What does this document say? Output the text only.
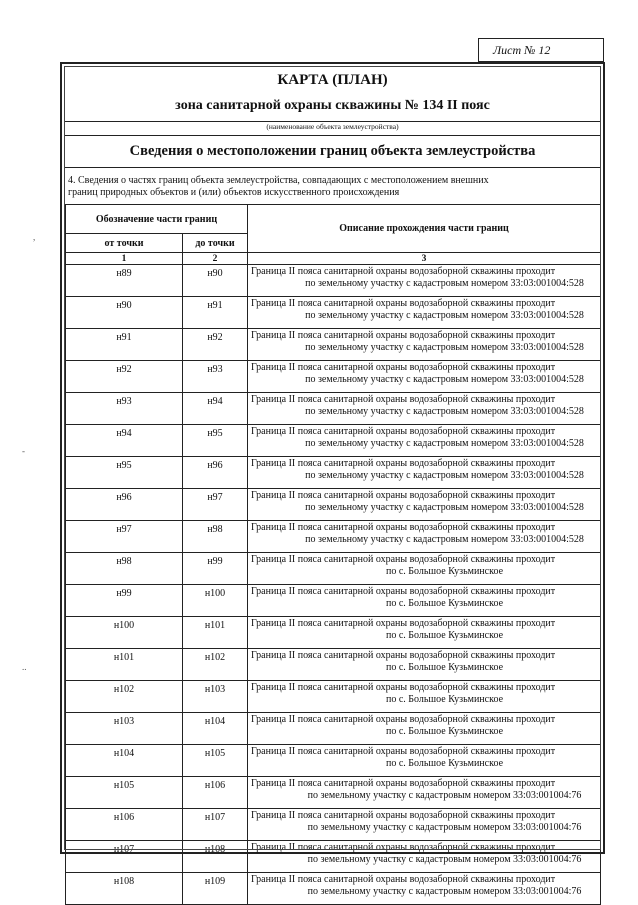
Лист № 12
КАРТА (ПЛАН)
зона санитарной охраны скважины № 134 II пояс
(наименование объекта землеустройства)
Сведения о местоположении границ объекта землеустройства
4. Сведения о частях границ объекта землеустройства, совпадающих с местоположением внешних
границ природных объектов и (или) объектов искусственного происхождения
Обозначение части границ		Описание прохождения части границ
от точки	до точки	
1	2	3
н89	н90	Граница II пояса санитарной охраны водозаборной скважины проходит
по земельному участку с кадастровым номером 33:03:001004:528

н90	н91	Граница II пояса санитарной охраны водозаборной скважины проходит
по земельному участку с кадастровым номером 33:03:001004:528

н91	н92	Граница II пояса санитарной охраны водозаборной скважины проходит
по земельному участку с кадастровым номером 33:03:001004:528

н92	н93	Граница II пояса санитарной охраны водозаборной скважины проходит
по земельному участку с кадастровым номером 33:03:001004:528

н93	н94	Граница II пояса санитарной охраны водозаборной скважины проходит
по земельному участку с кадастровым номером 33:03:001004:528

н94	н95	Граница II пояса санитарной охраны водозаборной скважины проходит
по земельному участку с кадастровым номером 33:03:001004:528

н95	н96	Граница II пояса санитарной охраны водозаборной скважины проходит
по земельному участку с кадастровым номером 33:03:001004:528

н96	н97	Граница II пояса санитарной охраны водозаборной скважины проходит
по земельному участку с кадастровым номером 33:03:001004:528

н97	н98	Граница II пояса санитарной охраны водозаборной скважины проходит
по земельному участку с кадастровым номером 33:03:001004:528

н98	н99	Граница II пояса санитарной охраны водозаборной скважины проходит
по с. Большое Кузьминское

н99	н100	Граница II пояса санитарной охраны водозаборной скважины проходит
по с. Большое Кузьминское

н100	н101	Граница II пояса санитарной охраны водозаборной скважины проходит
по с. Большое Кузьминское

н101	н102	Граница II пояса санитарной охраны водозаборной скважины проходит
по с. Большое Кузьминское

н102	н103	Граница II пояса санитарной охраны водозаборной скважины проходит
по с. Большое Кузьминское

н103	н104	Граница II пояса санитарной охраны водозаборной скважины проходит
по с. Большое Кузьминское

н104	н105	Граница II пояса санитарной охраны водозаборной скважины проходит
по с. Большое Кузьминское

н105	н106	Граница II пояса санитарной охраны водозаборной скважины проходит
по земельному участку с кадастровым номером 33:03:001004:76

н106	н107	Граница II пояса санитарной охраны водозаборной скважины проходит
по земельному участку с кадастровым номером 33:03:001004:76

н107	н108	Граница II пояса санитарной охраны водозаборной скважины проходит
по земельному участку с кадастровым номером 33:03:001004:76

н108	н109	Граница II пояса санитарной охраны водозаборной скважины проходит
по земельному участку с кадастровым номером 33:03:001004:76
,
-
..
